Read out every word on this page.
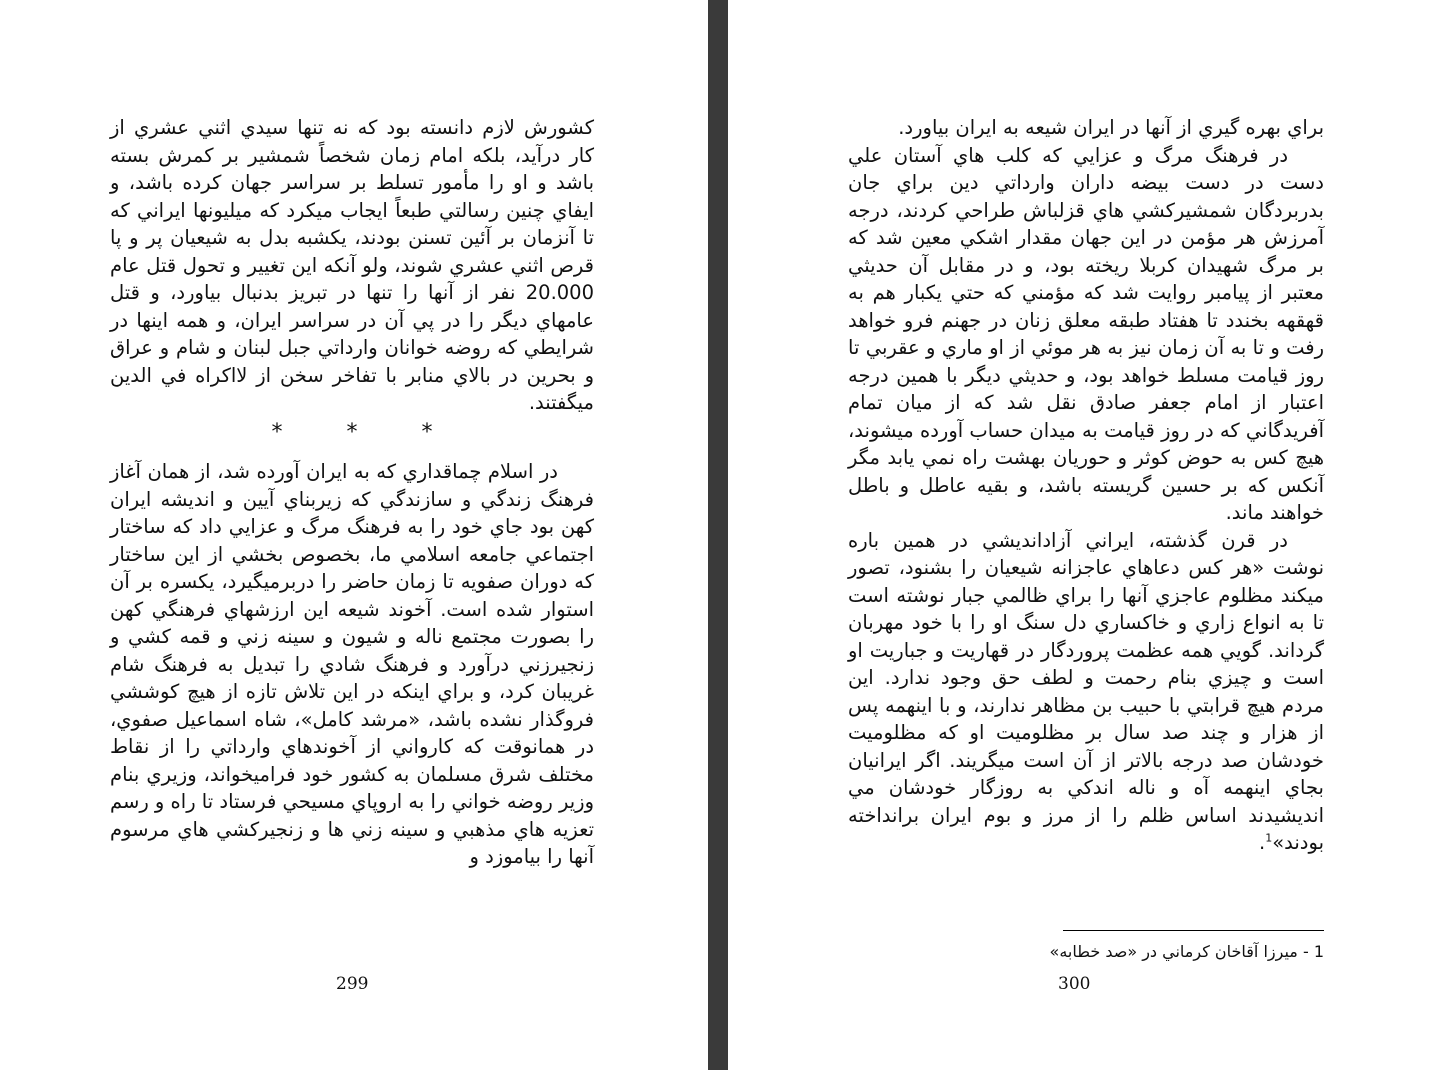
كشورش لازم دانسته بود كه نه تنها سيدي اثني عشري از كار درآيد، بلكه امام زمان شخصاً شمشير بر كمرش بسته باشد و او را مأمور تسلط بر سراسر جهان كرده باشد، و ايفاي چنين رسالتي طبعاً ايجاب ميكرد كه ميليونها ايراني كه تا آنزمان بر آئين تسنن بودند، يكشبه بدل به شيعيان پر و پا قرص اثني عشري شوند، ولو آنكه اين تغيير و تحول قتل عام 20.000 نفر از آنها را تنها در تبريز بدنبال بياورد، و قتل عامهاي ديگر را در پي آن در سراسر ايران، و همه اينها در شرايطي كه روضه خوانان وارداتي جبل لبنان و شام و عراق و بحرين در بالاي منابر با تفاخر سخن از لااكراه في الدين ميگفتند.

*	*	*

در اسلام چماقداري كه به ايران آورده شد، از همان آغاز فرهنگ زندگي و سازندگي كه زيربناي آيين و انديشه ايران كهن بود جاي خود را به فرهنگ مرگ و عزايي داد كه ساختار اجتماعي جامعه اسلامي ما، بخصوص بخشي از اين ساختار كه دوران صفويه تا زمان حاضر را دربرميگيرد، يكسره بر آن استوار شده است. آخوند شيعه اين ارزشهاي فرهنگي كهن را بصورت مجتمع ناله و شيون و سينه زني و قمه كشي و زنجيرزني درآورد و فرهنگ شادي را تبديل به فرهنگ شام غريبان كرد، و براي اينكه در اين تلاش تازه از هيچ كوششي فروگذار نشده باشد، «مرشد كامل»، شاه اسماعيل صفوي، در همانوقت كه كارواني از آخوندهاي وارداتي را از نقاط مختلف شرق مسلمان به كشور خود فراميخواند، وزيري بنام وزير روضه خواني را به اروپاي مسيحي فرستاد تا راه و رسم تعزيه هاي مذهبي و سينه زني ها و زنجيركشي هاي مرسوم آنها را بياموزد و

299

براي بهره گيري از آنها در ايران شيعه به ايران بياورد.

در فرهنگ مرگ و عزايي كه كلب هاي آستان علي دست در دست بيضه داران وارداتي دين براي جان بدربردگان شمشيركشي هاي قزلباش طراحي كردند، درجه آمرزش هر مؤمن در اين جهان مقدار اشكي معين شد كه بر مرگ شهيدان كربلا ريخته بود، و در مقابل آن حديثي معتبر از پيامبر روايت شد كه مؤمني كه حتي يكبار هم به قهقهه بخندد تا هفتاد طبقه معلق زنان در جهنم فرو خواهد رفت و تا به آن زمان نيز به هر موئي از او ماري و عقربي تا روز قيامت مسلط خواهد بود، و حديثي ديگر با همين درجه اعتبار از امام جعفر صادق نقل شد كه از ميان تمام آفريدگاني كه در روز قيامت به ميدان حساب آورده ميشوند، هيچ كس به حوض كوثر و حوريان بهشت راه نمي يابد مگر آنكس كه بر حسين گريسته باشد، و بقيه عاطل و باطل خواهند ماند.

در قرن گذشته، ايراني آزاداندیشي در همين باره نوشت «هر كس دعاهاي عاجزانه شيعيان را بشنود، تصور ميكند مظلوم عاجزي آنها را براي ظالمي جبار نوشته است تا به انواع زاري و خاكساري دل سنگ او را با خود مهربان گرداند. گويي همه عظمت پروردگار در قهاريت و جباريت او است و چيزي بنام رحمت و لطف حق وجود ندارد. اين مردم هيچ قرابتي با حبيب بن مظاهر ندارند، و با اينهمه پس از هزار و چند صد سال بر مظلوميت او كه مظلوميت خودشان صد درجه بالاتر از آن است ميگريند. اگر ايرانيان بجاي اينهمه آه و ناله اندكي به روزگار خودشان مي انديشيدند اساس ظلم را از مرز و بوم ايران برانداخته بودند»$^1$.

1 - ميرزا آقاخان كرماني در «صد خطابه»
300
